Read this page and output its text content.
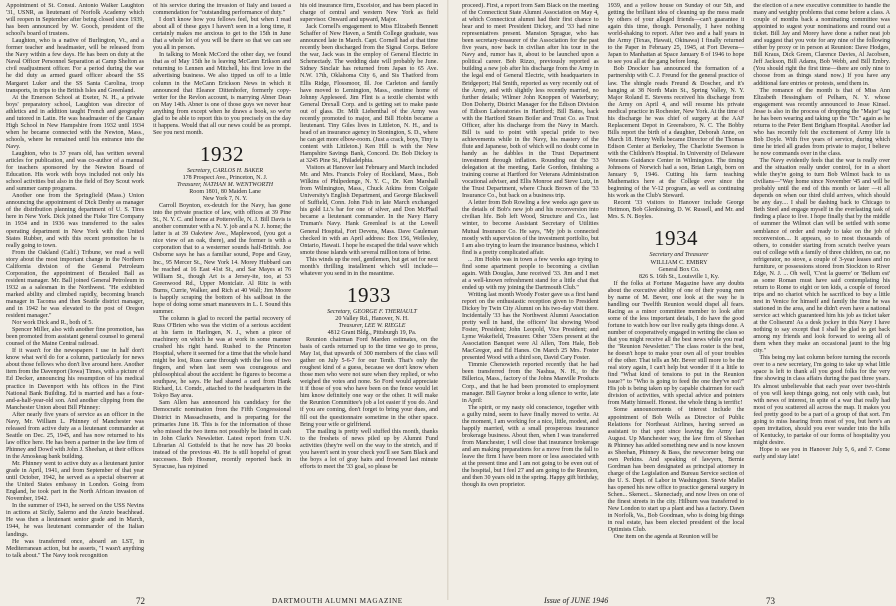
Appointment of St. Consul. Antonio Walker Laughton '31, USNR, as lieutenant of Norfolk Academy which will reopen in September after being closed since 1939, has been announced by W. Gooch, president of the school's board of trustees.

Laughton, who is a native of Burlington, Vt., and a former teacher and headmaster, will be released from the Navy within a few days. He has been on duty at the Naval Officer Personnel Separation at Camp Shelton as civil readjustment officer. For a period during the war he did duty as armed guard officer aboard the SS Margaret Luker and the SS Santa Carolina, troop transports, in trips to the British Isles and Greenland.

At the Emerson School at Exeter, N. H., a private boys' preparatory school, Laughton was director of athletics and in addition taught French and geography and tutored in Latin. He was headmaster of the Canaan High School in New Hampshire from 1932 until 1934 when he became connected with the Newton, Mass., schools, where he remained until his entrance into the Navy.

Laughton, who is 37 years old, has written several articles for publication, and was co-author of a manual for teachers sponsored by the Newton Board of Education. His work with boys included not only his school activities but also in the field of Boy Scout work and summer camp programs.

Another one from the Springfield (Mass.) Union announcing the appointment of Dick Denby as manager of the distribution planning department of U. S. Tires here in New York. Dick joined the Fiske Tire Company in 1934 and in 1936 was transferred to the sales operating department in New York with the United States Rubber, and with this recent promotion he is really going to town.

From the Oakland (Calif.) Tribune, we read a well story about the most important change in the Northern California division of the General Petroleum Corporation, the appointment of Bezaleel Ball as resident manager. Mr. Ball joined General Petroleum in 1932 as a salesman in the Northwest. "He exhibited marked ability and climbed rapidly, becoming branch manager in Tacoma and then Seattle district manager, and in 1942 he was elevated to the post of Oregon resident manager."

Nor work Dick and R., both of 5.

Spencer Miller, also with another fine promotion, has been promoted from assistant general counsel to general counsel of the Maine Central railroad.

If it wasn't for the newspapers I use in half don't know what we'd do for a column, particularly for news about those fellows who don't live around here. Another item from the Davenport (Iowa) Times, with a picture of Ed Decker, announcing his resumption of his medical practice in Davenport with his offices in the First National Bank Building. Ed is married and has a four-and-a-half-year-old son. And another clipping from the Manchester Union about Bill Phinney:

After nearly five years of service as an officer in the Navy, Mr. William L. Phinney of Manchester was released from active duty as a lieutenant commander at Seattle on Dec. 25, 1945, and has now returned to his law office here. He has been a partner in the law firm of Phinney and Dowd with John J. Sheehan, at their offices in the Amoskeag bank building.

Mr. Phinney went to active duty as a lieutenant junior grade in April, 1941, and from September of that year until October, 1942, he served as a special observer at the United States embassy in London. Going from England, he took part in the North African invasion of November, 1942.

In the summer of 1943, he served on the USS Nevins in actions at Sicily, Salerno and the Anzio beachhead. He was then a lieutenant senior grade and in March, 1944, he was lieutenant commander of the Italian landings.

He was transferred once, aboard an LST, in Mediterranean action, but he asserts, "I wasn't anything to talk about." The Navy took recognition

of his service during the invasion of Italy and issued a commendation for "outstanding performance of duty."

I don't know how you fellows feel, but when I read about all of these guys I haven't seen in a long time, it certainly makes me anxious to get to the 15th in June that a whole lot of you will be there so that we can see you all in person.

In talking to Monk McCord the other day, we found that as of May 15th he is leaving McCann Erikson and returning to Lennen and Mitchell, his first love in the advertising business. We also tipped us off to a little column in the McCann Erickson News in which it announced that Eleanor Dittenhofer, formerly copy-writer for the Revlon account, is marrying Abner Dean on May 14th. Abner is one of those guys we never hear anything from except when he draws a book, so we're glad to be able to report this to you precisely on the day it happens. Would that all our news could be as prompt. See you next month.

1932

Secretary, CARLOS H. BAKER

178 Prospect Ave., Princeton, N. J.

Treasurer, NATHAN M. WENTWORTH

Room 1801, 80 Maiden Lane

New York 7, N. Y.

Carroll Boynton, ex-deutch for the Navy, has gone into the private practice of law, with offices at 39 Pine St., N. Y. C. and home at Pottersville, N. J. Bill Davis is another commuter with a N. Y. job and a N. J. home; the latter is at 39 Oakview Ave., Maplewood, (you got a nice view of an oak, there), and the former is with a corporation that to a westerner sounds half-British. Joe Osborne says he has a familiar sound, Pope and Gray, Inc., 95 Mercer St., New York 14. Morey Hubbard can be reached at 16 East 41st St., and Sar Mayes at 76 William St., though Art is a Jersey-ite, too, at 53 Greenwood Rd., Upper Montclair. Al Ritz is with Burns, Currie, Walker, and Rich at 40 Wall; Jim Moore is happily scraping the bottom of his sailboat in the hope of doing some smart maneuvers in L. I. Sound this summer.

The column is glad to record the partial recovery of Russ O'Brien who was the victim of a serious accident at his farm in Harlingen, N. J., when a piece of machinery on which he was at work in some manner crushed his right hand. Rushed to the Princeton Hospital, where it seemed for a time that the whole hand might be lost, Russ came through with the loss of two fingers, and when last seen was courageous and philosophical about the accident: he figures to become a southpaw, he says. He had shared a card from Hank Richard, Lt. Comdr., attached to the headquarters in the Tokyo Bay area.

Sam Allen has announced his candidacy for the Democratic nomination from the Fifth Congressional District in Massachusetts, and is preparing for the primaries June 18. This is for the information of those who missed the two items not possibly be listed in cash in John Clark's Newsletter. Latest report from U.N. Librarian Al Gottsfeld is that he now has 20 books instead of the previous 40. He is still hopeful of great successes. Bob Hosmer, recently reported back in Syracuse, has rejoined

his old insurance firm, Excelsior, and has been placed in charge of central and western New York as field supervisor. Onward and upward, Major.

Jack Cornell's engagement to Miss Elizabeth Bennett Schaffer of New Haven, a Smith College graduate, was announced late in March. Capt. Cornell had at that time recently been discharged from the Signal Corps. Before the war, Jack was in the employ of General Electric in Schenectady. The wedding date will probably be June. Sidney Sinclair has returned from Japan to 65 Ave. N.W. 17th, Oklahoma City 6, and Sis Thatford from Ellis Ridge, Flossmoor, Ill. Joe Carleton and family have moved to Lemington, Mass., onetime home of Johnny Appleseed. Jim Flint is a textile chemist with General Drexall Corp. and is getting set to make paste out of glass. Dr. Milt Liebenthal of the Army was recently promoted to major, and Bill Hobin became a lieutenant. Tiny Giles lives in Littleton, N. H., and is head of an insurance agency in Stonington, S. D., where he can get more elbow-room. (Just a crack, boys, Tiny is content with Littleton.) Ken Hill is with the New Hampshire Savings Bank, Concord. Dr. Bob Dickey is at 3245 Pine St., Philadelphia.

Visitors at Hanover last February and March included Mr. and Mrs. Francis Foley of Rockland, Mass., Bob Wilkins of Philpedenge, N. Y. C., Dr. Ken Marshall from Wilmington, Mass., Chuck Atkins from Colgate University's English Department, and George Blackwell of Suffield, Conn. John Fish in late March exchanged his gold Lt.'s bar for one of silver, and Don McPhail became a lieutenant commander. In the Navy Harry Truman's Navy. Hank Greenleaf is at the Lowell General Hospital, Fort Devens, Mass. Dave Cauleman checked in with an April address: Box 156, Wellesley, Ontario, Hawaii. I hope he escaped the tidal wave which smote those islands with several million tons of brine.

This winds up the reel, gentlemen, but get set for next month's thrilling installment which will include—whatever you send in in the meantime.

1933

Secretary, GEORGE F. THERIAULT

20 Valley Rd., Hanover, N. H.

Treasurer, LEE W. RIEGLE

4812 Grant Bldg., Pittsburgh 19, Pa.

Reunion chairman Ford Marden estimates, on the basis of cards returned up to the time we go to press, May 1st, that upwards of 300 members of the class will gather on July 5-6-7 for our Tenth. That's only the roughest kind of a guess, because we don't know when those men who were not sure when they replied, or who weighed the votes and none. So Ford would appreciate it if those of you who have been on the fence would let him know definitely one way or the other. It will make the Reunion Committee's job a lot easier if you do. And if you are coming, don't forget to bring your dues, and fill out the questionnaire sometime in the other space. Bring your wife or girlfriend.

The mailing is pretty well stuffed this month, thanks to the freshets of news piled up by Alumni Fund activities (they're well on the way to the stretch, and if you haven't sent in your check you'll see Sam Black and the boys a lot of gray hairs and frowned last minute efforts to meet the '33 goal, so please be

72	DARTMOUTH ALUMNI MAGAZINE

proceed). First, a report from Sam Black on the meeting of the Connecticut State Alumni Association on May 4, at which Connecticut alumni had their first chance to hear and to meet President Dickey, and '33 had nine representatives present. Mansion Sprague, who has been secretary-treasurer of the Association for the past five years, now back in civilian after his tour in the Navy and, rumor has it, about to be launched upon a political career. Bob Rizzo, previously reported as building a new job after his discharge from the Army in the legal end of General Electric, with headquarters in Bridgeport; Hal Smith, reported as very recently out of the Army, and with slightly less recently married, no further details; Wilmer John Knoppen of Waterbury; Don Doherty, District Manager for the Edison Division of Edison Laboratories in Hartford; Bill Bates, back with the Hartford Steam Boiler and Trust Co. as Trust Officer, after his discharge from the Navy in March. Bill is said to point with special pride to two achievements while in the Navy, his mastery of the flute and Japanese, both of which will no doubt come in handy as he dabbles in the Trust Department investment through inflation. Rounding out the '33 delegation at the meeting, Earle Gordon, finishing a training course at Hartford for Veterans Administration vocational adviser, and Ellis Monroe and Steve Lutz, in the Trust Department, where Chuck Brown of the '33 Insurance Co., but back on a business trip.

A letter from Bob Rowling a few weeks ago gave us the details of Bob's new job and his reconversion into civilian life. Bob left Wood, Structure and Co., last winter, to become Assistant Secretary of Utilities Mutual Insurance Co. He says, "My job is connected mostly with supervision of the investment portfolio, but I am also trying to learn the insurance business, which I find is a pretty complicated affair.

... Jim Hoblo was in town a few weeks ago trying to find some apartment people to becoming a civilian again. With Douglas, June received '33. Jim and I met at a well-known refreshment stand for a little chat that ended up with my joining the Dartmouth Club."

Writing last month Woody Foster gave us a first hand report on the enthusiastic reception given to President Dickey by Twin City Alumni on his two-day visit there. Incidentally '33 has the Northwest Alumni Association pretty well in hand, the officers' list showing Wood Foster, President; John Leopold, Vice President; and Lyme Wakefield, Treasurer. Other '33ers present at the Association Banquet were Al Allen, Tom Hale, Bob MacGregor, and Ed Hanes. On March 25 Mrs. Foster presented Wood with a third son, David Cary Foster.

Timmie Chenowieth reported recently that he had been transferred from the Nashua, N. H., to the Billerica, Mass., factory of the Johns Manville Products Corp., and that he had been promoted to employment manager. Bill Gaynor broke a long silence to write, late in April:

The spirit, or my nasty old conscience, together with a guilty mind, seem to have finally moved to write. At the moment, I am working for a nice, little, modest, and happily married, with a small prosperous insurance brokerage business. About then, when I was transferred from Manchester, I will close that insurance brokerage and am making preparations for a move from the fall to leave the firm I have been more or less associated with at the present time and I am not going to be even out of the hospital, but I feel 27 and am going to the Reunion, and then 30 years old in the spring. Happy gift birthday, though its own proprietor.

1939, and a yellow house on Sunday of our 5th, and getting the brilliant idea of cleaning up the mess made by others of your alleged friends—can't guarantee it again this time, though. Personally, I have nothing world-shaking to report. After two and a half years in the Army (Texas, Hawaii, Okinawa) I finally returned to the Paper in February 25, 1945, at Fort Devens—Japan to Manhattan at Space January 8 of 1946 to hope to see you all at the gang before long.

Bob Dnocker has announced the formation of a partnership with C. J. Freund for the general practice of law. The shingle reads Freund & Doscher, and it's hanging at 38 North Main St., Spring Valley, N. Y. Major Roland E. Stevens received his discharge from the Army on April 4, and will resume his private medical practice in Rochester, New York. At the time of his discharge he was chief of surgery at the AAF Replacement Depot in Greensboro, N. C. The Bobby Bills report the birth of a daughter, Deborah Anne, on March 18. Henry Wells became Director of the Thomas Edison Center at Berkeley, The Charlotte Swenson is with the Children's Hospital. In University of Delaware Veterans Guidance Center in Wilmington. The timing Johnsons of Norwich had a son, Brian Leigh, born on January 9, 1946. Cutting his farm teaching Mathematics here at the College ever since the beginning of the V-12 program, as well as continuing his work as the Club's Steward.

Recent '33 visitors to Hanover include George Heitmon, Bob Glenkinsing, D. W. Russell, and Mr. and Mrs. S. N. Boyles.

1934

Secretary and Treasurer

WILLIAM C. EMBRY

General Box Co.

826 S. 16th St., Louisville 1, Ky.

If the folks at Fortune Magazine have any doubts about the executive ability of one of their young men by name of M. Bever, one look at the way he is handling our Twelfth Reunion would dispel all fears. Racing as a minor committee member to look after some of the less important details, I do have the good fortune to watch how our live really gets things done. A number of cooperatively engaged in writing the class so that you might receive all the best news while you read the "Reunion Newsletter." The class roster is the best, he doesn't hope to make your own all of your troubles of the other. That tells an Mr. Bever still more to be the real story again, I can't help but wonder if it a little to find "What kind of tensions to put in the Reunion issue?" to "Who is going to feed the one they've not?" His job is being taken up by capable chairmen for each division of activities, with special advice and pointers from Matty himself. Honest. the whole thing is terrific!

Some announcements of interest include the appointment of Bob Wells as Director of Public Relations for Northeast Airlines, having served as assistant to that spot since leaving the Army last August. Up Manchester way, the law firm of Sheehan & Phinney has added something new and is now known as Sheehan, Phinney & Bass, the newcomer being our own Perkins. And speaking of lawyers, Bernie Gordman has been designated as principal attorney in charge of the Legislation and Bureau Service section of the U. S. Dept. of Labor in Washington. Stevie Mallet has opened his new office to practice general surgery in Schen... Skenect... Skenectady, and now lives on one of the finest streets in the city. Hilburn was transferred to New London to start up a plant and has a factory. Dawn in Norfolk, Va., Bob Goodman, who is doing big things in real estate, has been elected president of the local Optimists Club.

One item on the agenda at Reunion will be

the election of a new executive committee to handle the many and weighty problems that come before a class. A couple of months back a nominating committee was appointed to sugest your nominations and round out a ticket. Bill Jay and Morey have done a rather neat job and suggest that you vote for any nine of the following either by proxy or in person at Reunion: Dave Hodges, Bill Kraus, Dick Green, Clarence Davies, Al Jacobsen, Jeff Jackson, Bill Adams, Bob Webb, and Bill Embry. (You should right the first time—there are only nine to choose from as things stand now.) If you have any additional fare entries or protests, send them in.

The romance of the month is that of Miss Ann Elizabeth Hessingham of Pelham, N. Y. whose engagement was recently announced to Jesse Kinsel. Jesse is also in the process of dropping the "Major" tag he has been wearing and taking up the "Dr." again as he returns to the Peter Bent Brigham Hospital. Another lad who has recently felt the excitement of Army life is Bob Doyle. With five years of service, during which time he tried all grades from private to major, I believe he now commands over in the class.

The Navy evidently feels that the war is really over and the situation really under control, for in a short while they're going to turn Bob Wilmot back to us civilians—"Way home since November '45 and will be probably until the end of this month or later —it all depends on when our third child arrives, which should be any day.... I shall be dashing back to Chicago to Beth Steel and engage myself in the everlasting task of finding a place to live. I hope finally that by the middle of summer the Wilmot clan will be settled with some semblance of order and ready to take on the job of reconversion.... It appears, so to most thousands of others, to consider starting from scratch twelve years out of college with a family of three children, no car, no refrigerator, no stove, a couple of 3-year leases and no furniture, or possessions stored from Stockton to River Edge, N. J. ... Oh well, 'C'est la guerre' or 'Bellum est' as some Roman must have said contemplating his return to Rome to eight or ten kids, a couple of forced trips and no chariot which he sacrificed to buy a little nest in Venice for himself and family the time he was stationed in the area, and he didn't even have a national service act which guaranteed him his job as ticket taker at the Coliseum! As a desk jockey in this Navy I have nothing to say except that I shall be glad to get back among my friends and look forward to seeing all of them when they make an occasional jaunt to the big city."

This being my last column before turning the records over to a new secretary, I'm going to take up what little space is left to thank all you good folks for the very fine showing in class affairs during the past three years. It's almost unbelievable that each year over two-thirds of you will keep things going, not only with cash, but with news of interest, in spite of a war that really had most of you scattered all across the map. It makes you feel pretty good to be a part of a group of that sort. I'm going to miss hearing from most of you, but here's an open invitation, should you ever wander into the hills of Kentucky, to partake of our forms of hospitality you might desire.

Hope to see you in Hanover July 5, 6, and 7. Come early and stay late!

Issue of JUNE 1946	73
